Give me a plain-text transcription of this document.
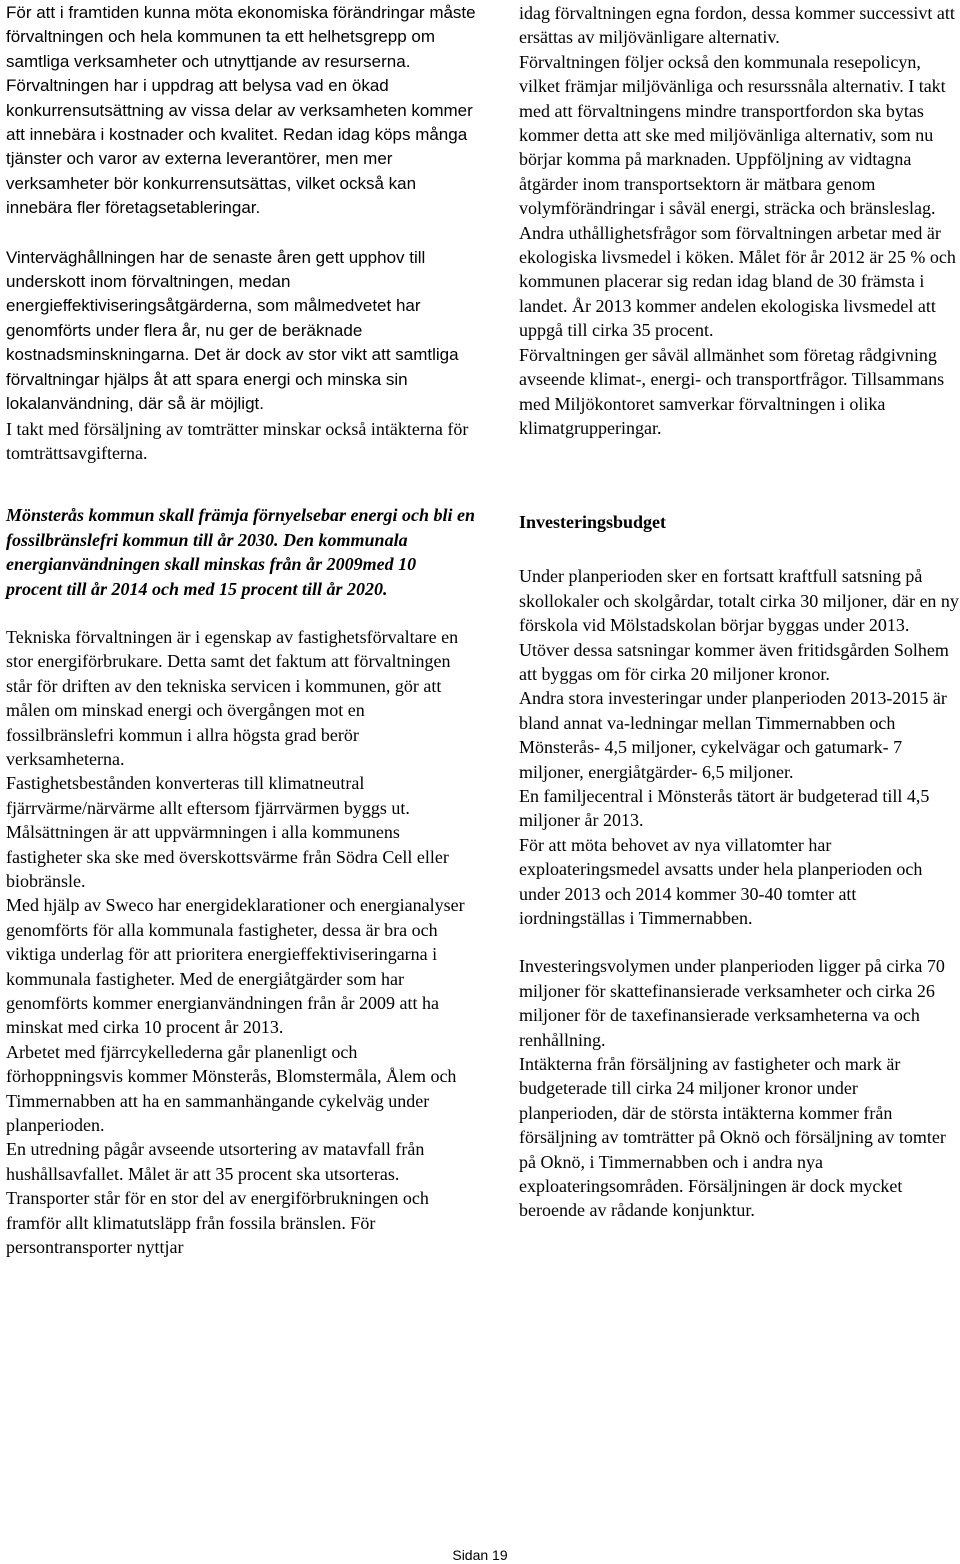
För att i framtiden kunna möta ekonomiska förändringar måste förvaltningen och hela kommunen ta ett helhetsgrepp om samtliga verksamheter och utnyttjande av resurserna. Förvaltningen har i uppdrag att belysa vad en ökad konkurrensutsättning av vissa delar av verksamheten kommer att innebära i kostnader och kvalitet. Redan idag köps många tjänster och varor av externa leverantörer, men mer verksamheter bör konkurrensutsättas, vilket också kan innebära fler företagsetableringar.

Vinterväghållningen har de senaste åren gett upphov till underskott inom förvaltningen, medan energieffektiviseringsåtgärderna, som målmedvetet har genomförts under flera år, nu ger de beräknade kostnadsminskningarna. Det är dock av stor vikt att samtliga förvaltningar hjälps åt att spara energi och minska sin lokalanvändning, där så är möjligt.

I takt med försäljning av tomträtter minskar också intäkterna för tomträttsavgifterna.

Mönsterås kommun skall främja förnyelsebar energi och bli en fossilbränslefri kommun till år 2030. Den kommunala energianvändningen skall minskas från år 2009med 10 procent till år 2014 och med 15 procent till år 2020.

Tekniska förvaltningen är i egenskap av fastighetsförvaltare en stor energiförbrukare. Detta samt det faktum att förvaltningen står för driften av den tekniska servicen i kommunen, gör att målen om minskad energi och övergången mot en fossilbränslefri kommun i allra högsta grad berör verksamheterna.

Fastighetsbestånden konverteras till klimatneutral fjärrvärme/närvärme allt eftersom fjärrvärmen byggs ut. Målsättningen är att uppvärmningen i alla kommunens fastigheter ska ske med överskottsvärme från Södra Cell eller biobränsle.

Med hjälp av Sweco har energideklarationer och energianalyser genomförts för alla kommunala fastigheter, dessa är bra och viktiga underlag för att prioritera energieffektiviseringarna i kommunala fastigheter. Med de energiåtgärder som har genomförts kommer energianvändningen från år 2009 att ha minskat med cirka 10 procent år 2013.

Arbetet med fjärrcykellederna går planenligt och förhoppningsvis kommer Mönsterås, Blomstermåla, Ålem och Timmernabben att ha en sammanhängande cykelväg under planperioden.

En utredning pågår avseende utsortering av matavfall från hushållsavfallet. Målet är att 35 procent ska utsorteras.

Transporter står för en stor del av energiförbrukningen och framför allt klimatutsläpp från fossila bränslen. För persontransporter nyttjar

idag förvaltningen egna fordon, dessa kommer successivt att ersättas av miljövänligare alternativ.

Förvaltningen följer också den kommunala resepolicyn, vilket främjar miljövänliga och resurssnåla alternativ. I takt med att förvaltningens mindre transportfordon ska bytas kommer detta att ske med miljövänliga alternativ, som nu börjar komma på marknaden. Uppföljning av vidtagna åtgärder inom transportsektorn är mätbara genom volymförändringar i såväl energi, sträcka och bränsleslag.

Andra uthållighetsfrågor som förvaltningen arbetar med är ekologiska livsmedel i köken. Målet för år 2012 är 25 % och kommunen placerar sig redan idag bland de 30 främsta i landet. År 2013 kommer andelen ekologiska livsmedel att uppgå till cirka 35 procent.

Förvaltningen ger såväl allmänhet som företag rådgivning avseende klimat-, energi- och transportfrågor. Tillsammans med Miljökontoret samverkar förvaltningen i olika klimatgrupperingar.

Investeringsbudget

Under planperioden sker en fortsatt kraftfull satsning på skollokaler och skolgårdar, totalt cirka 30 miljoner, där en ny förskola vid Mölstadskolan börjar byggas under 2013. Utöver dessa satsningar kommer även fritidsgården Solhem att byggas om för cirka 20 miljoner kronor.

Andra stora investeringar under planperioden 2013-2015 är bland annat va-ledningar mellan Timmernabben och Mönsterås- 4,5 miljoner, cykelvägar och gatumark- 7 miljoner, energiåtgärder- 6,5 miljoner.

En familjecentral i Mönsterås tätort är budgeterad till 4,5 miljoner år 2013.

För att möta behovet av nya villatomter har exploateringsmedel avsatts under hela planperioden och under 2013 och 2014 kommer 30-40 tomter att iordningställas i Timmernabben.

Investeringsvolymen under planperioden ligger på cirka 70 miljoner för skattefinansierade verksamheter och cirka 26 miljoner för de taxefinansierade verksamheterna va och renhållning.

Intäkterna från försäljning av fastigheter och mark är budgeterade till cirka 24 miljoner kronor under planperioden, där de största intäkterna kommer från försäljning av tomträtter på Oknö och försäljning av tomter på Oknö, i Timmernabben och i andra nya exploateringsområden. Försäljningen är dock mycket beroende av rådande konjunktur.

Sidan 19
